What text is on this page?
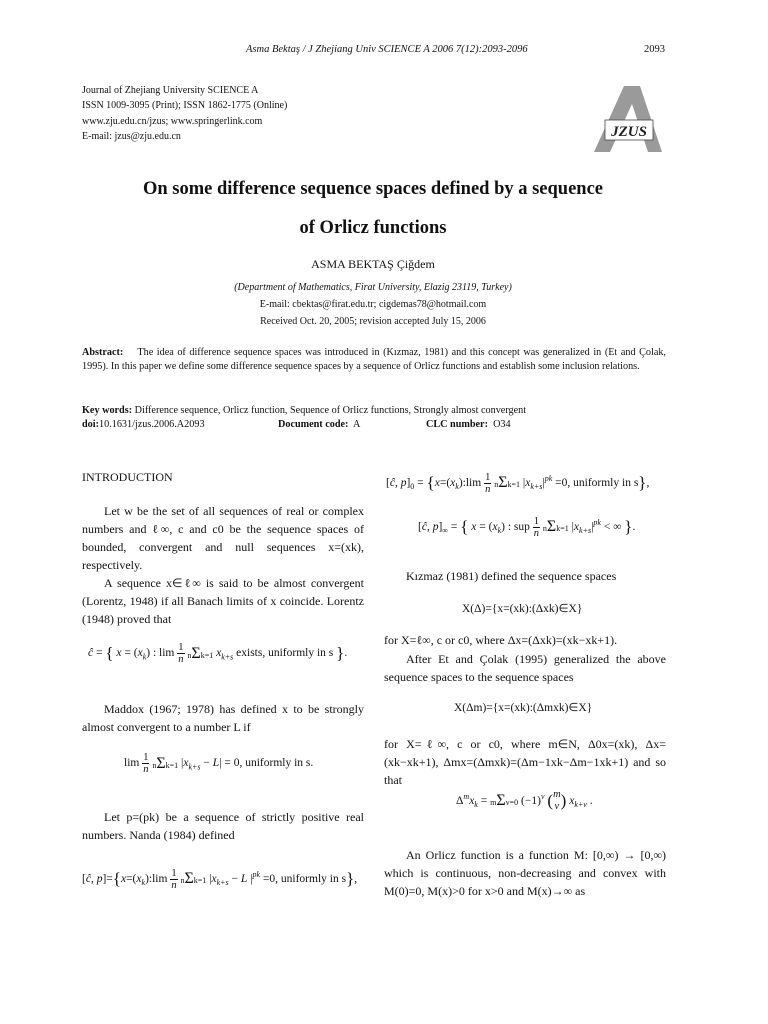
Asma Bektaş / J Zhejiang Univ SCIENCE A 2006 7(12):2093-2096	2093
Journal of Zhejiang University SCIENCE A
ISSN 1009-3095 (Print); ISSN 1862-1775 (Online)
www.zju.edu.cn/jzus; www.springerlink.com
E-mail: jzus@zju.edu.cn	JZUS
On some difference sequence spaces defined by a sequence
of Orlicz functions
ASMA BEKTAŞ Çiğdem
(Department of Mathematics, Firat University, Elazig 23119, Turkey)
E-mail: cbektas@firat.edu.tr; cigdemas78@hotmail.com
Received Oct. 20, 2005; revision accepted July 15, 2006
Abstract: The idea of difference sequence spaces was introduced in (Kızmaz, 1981) and this concept was generalized in (Et and Çolak, 1995). In this paper we define some difference sequence spaces by a sequence of Orlicz functions and establish some inclusion relations.
Key words: Difference sequence, Orlicz function, Sequence of Orlicz functions, Strongly almost convergent
doi:10.1631/jzus.2006.A2093	Document code: A	CLC number: O34
INTRODUCTION
Let w be the set of all sequences of real or complex numbers and ℓ∞, c and c0 be the sequence spaces of bounded, convergent and null sequences x=(xk), respectively.
A sequence x∈ℓ∞ is said to be almost convergent (Lorentz, 1948) if all Banach limits of x coincide. Lorentz (1948) proved that
ĉ = { $x = (x_k)$ : $\lim \frac{1}{n} n\Sigma k=1$ $x_{k+s}$ exists, uniformly in s }.
Maddox (1967; 1978) has defined x to be strongly almost convergent to a number L if
$\lim \frac{1}{n} n\Sigma k=1$ $|x_{k+s} - L| = 0$, uniformly in s.
Let p=(pk) be a sequence of strictly positive real numbers. Nanda (1984) defined
[ĉ, $p]=\{x=(x_k):\lim \frac{1}{n} n\Sigma k=1$ $|x_{k+s} - L$ $|^{pk} =0$, uniformly in s},
[ĉ, $p]_0$ = {$x=(x_k):\lim \frac{1}{n} n\Sigma k=1$ $|x_{k+s}|^{pk} =0$, uniformly in s},
[ĉ, $p]_\infty$ = { $x = (x_k)$ : sup $\frac{1}{n} n\Sigma k=1$ $|x_{k+s}|^{pk}$ < ∞ }.
Kızmaz (1981) defined the sequence spaces
X(Δ)={x=(xk):(Δxk)∈X}
for X=ℓ∞, c or c0, where Δx=(Δxk)=(xk−xk+1).
After Et and Çolak (1995) generalized the above sequence spaces to the sequence spaces
X(Δm)={x=(xk):(Δmxk)∈X}
for X=ℓ∞, c or c0, where m∈N, Δ0x=(xk), Δx=(xk−xk+1), Δmx=(Δmxk)=(Δm−1xk−Δm−1xk+1) and so that
$\Delta^mx_k = m\Sigma v=0$ $(-1)^v$ ( m
v ) $x_{k+v}$ .
An Orlicz function is a function M: [0,∞) → [0,∞) which is continuous, non-decreasing and convex with M(0)=0, M(x)>0 for x>0 and M(x)→∞ as
